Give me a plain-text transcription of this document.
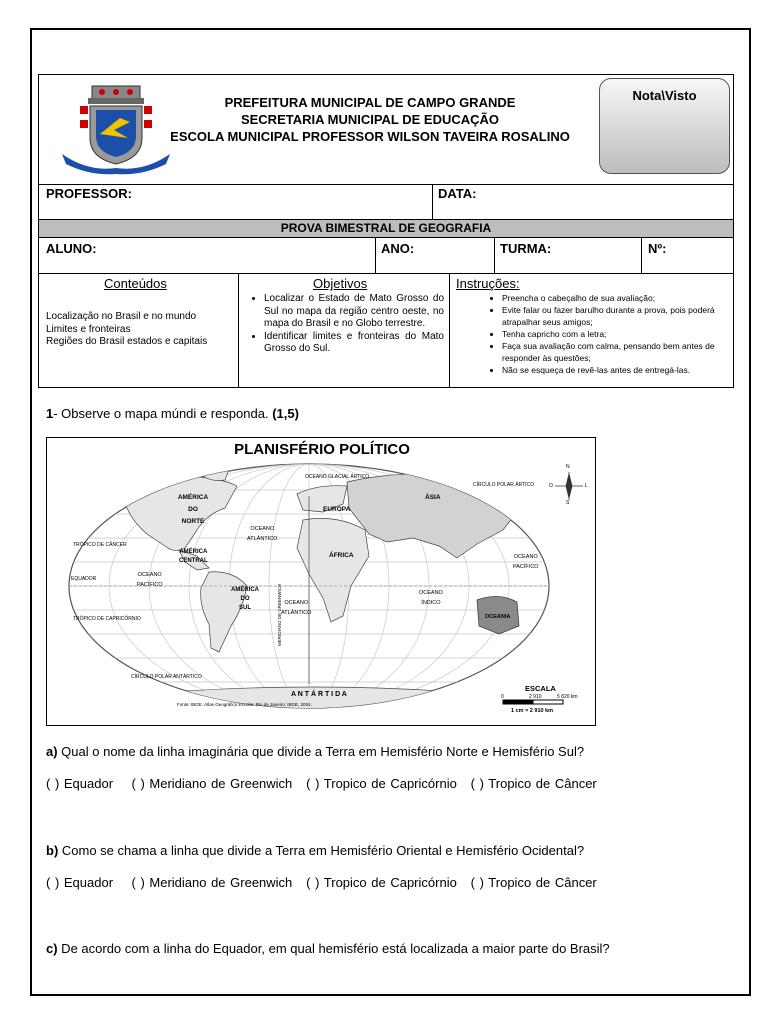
PREFEITURA MUNICIPAL DE CAMPO GRANDE
SECRETARIA MUNICIPAL DE EDUCAÇÃO
ESCOLA MUNICIPAL PROFESSOR WILSON TAVEIRA ROSALINO
Nota\Visto
PROFESSOR:	DATA:
PROVA BIMESTRAL DE GEOGRAFIA
ALUNO:	ANO:	TURMA:	Nº:
Conteúdos
Localização no Brasil e no mundo
Limites e fronteiras
Regiões do Brasil estados e capitais
Objetivos
• Localizar o Estado de Mato Grosso do Sul no mapa da região centro oeste, no mapa do Brasil e no Globo terrestre.
• Identificar limites e fronteiras do Mato Grosso do Sul.
Instruções:
• Preencha o cabeçalho de sua avaliação;
• Evite falar ou fazer barulho durante a prova, pois poderá atrapalhar seus amigos;
• Tenha capricho com a letra;
• Faça sua avaliação com calma, pensando bem antes de responder às questões;
• Não se esqueça de revê-las antes de entregá-las.
1- Observe o mapa múndi e responda. (1,5)
PLANISFÉRIO POLÍTICO
OCEANO GLACIAL ÁRTICO
CÍRCULO POLAR ÁRTICO
AMÉRICA
DO
NORTE
EUROPA
ÁSIA
TRÓPICO DE CÂNCER
OCEANO
ATLÂNTICO
AMÉRICA
CENTRAL
ÁFRICA	OCEANO
PACÍFICO
EQUADOR
OCEANO
PACÍFICO
AMÉRICA
DO
SUL
OCEANO
ATLÂNTICO
OCEANO
ÍNDICO
TRÓPICO DE CAPRICÓRNIO	OCEANIA
MERIDIANO DE GREENWICH
CÍRCULO POLAR ANTÁRTICO
A N T Á R T I D A
Fonte: IBGE. Atlas Geográfico Escolar. Rio de Janeiro: IBGE, 2004.
ESCALA
0	2 910	5 820 km
1 cm = 2 910 km
N
S
L
O
a) Qual o nome da linha imaginária que divide a Terra em Hemisfério Norte e Hemisfério Sul?
( ) Equador ( ) Meridiano de Greenwich ( ) Tropico de Capricórnio ( ) Tropico de Câncer
b) Como se chama a linha que divide a Terra em Hemisfério Oriental e Hemisfério Ocidental?
( ) Equador ( ) Meridiano de Greenwich ( ) Tropico de Capricórnio ( ) Tropico de Câncer
c) De acordo com a linha do Equador, em qual hemisfério está localizada a maior parte do Brasil?
